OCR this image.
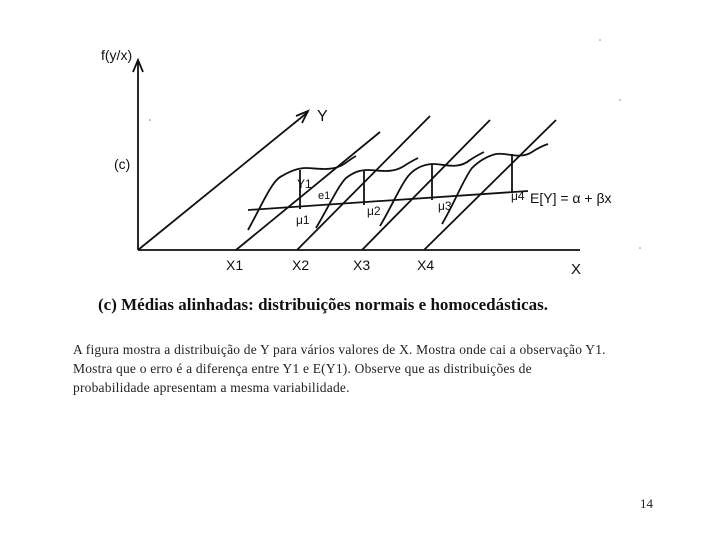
f(y/x)
(c)
Y
X
X1	X2	X3	X4
μ1
μ2	μ3
μ4
Y1
e1	E[Y] = α + βx
(c) Médias alinhadas: distribuições normais e homocedásticas.

A figura mostra a distribuição de Y para vários valores de X. Mostra onde cai a observação Y1.

Mostra que o erro é a diferença entre Y1 e E(Y1). Observe que as distribuições de

probabilidade apresentam a mesma variabilidade.

14
